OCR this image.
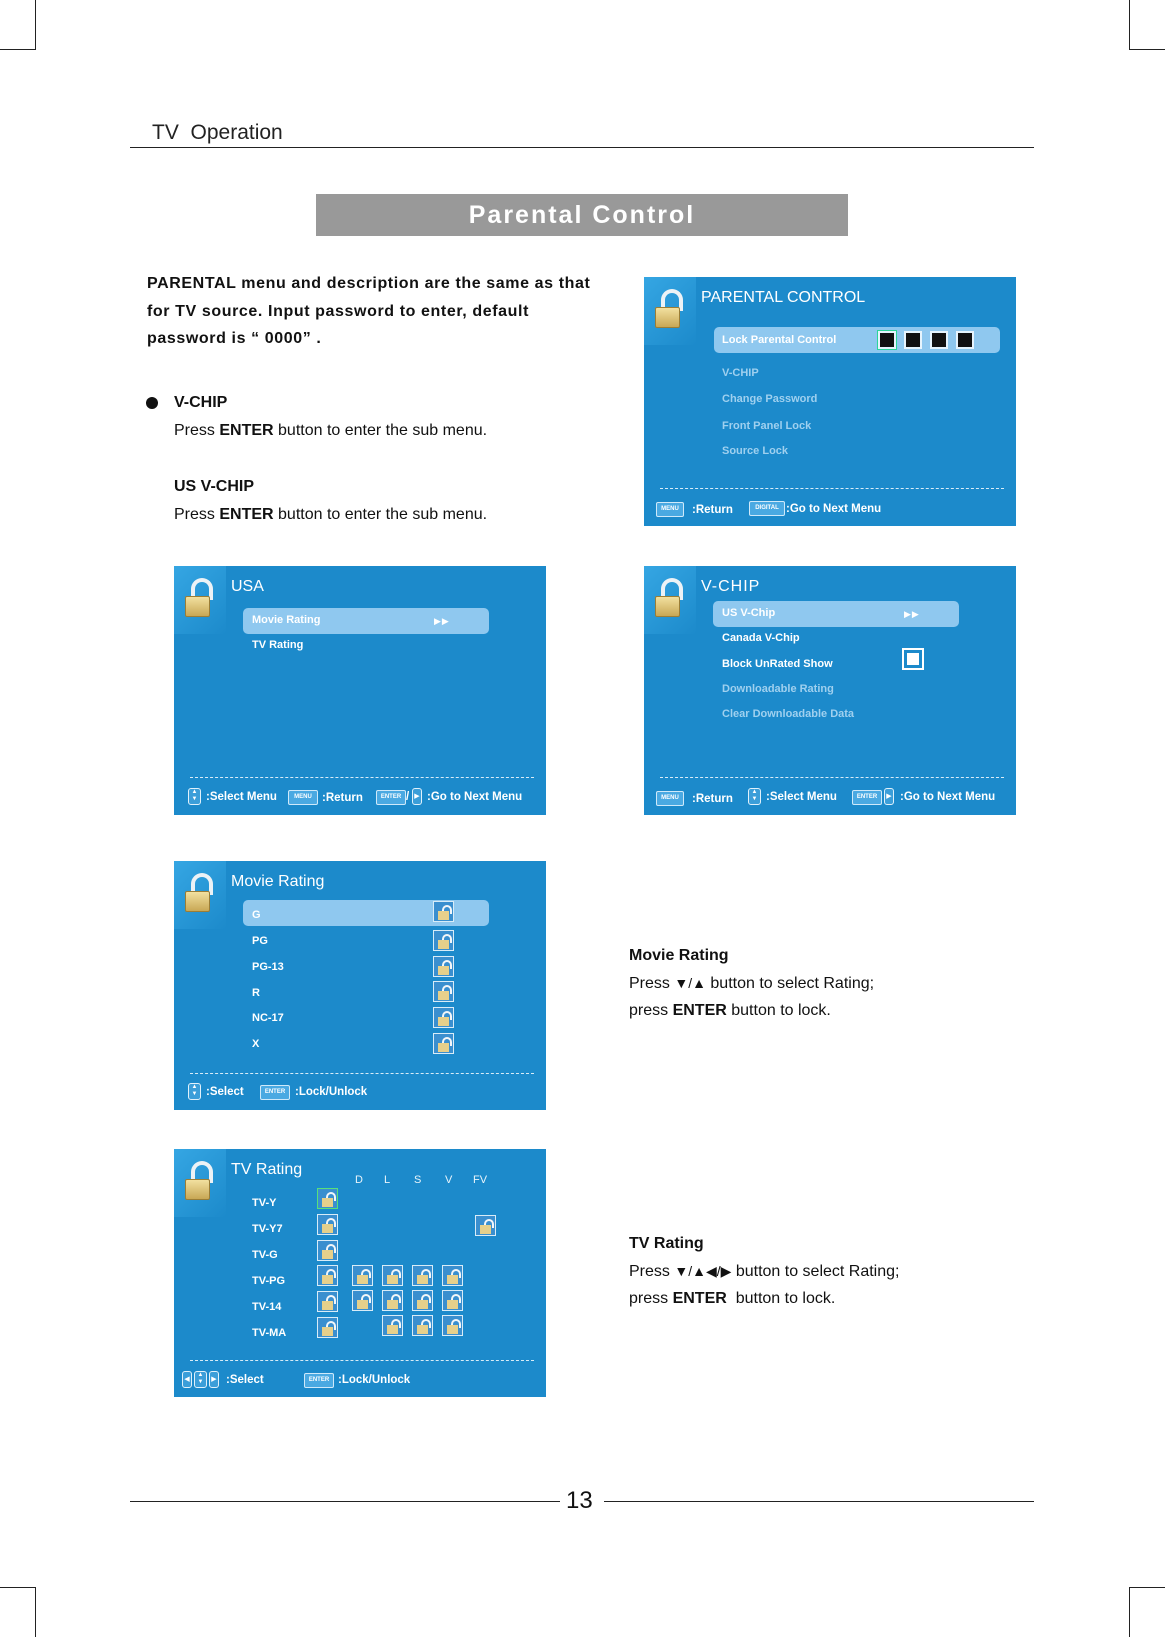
TV  Operation
Parental Control
PARENTAL menu and description are the same as that for TV source. Input password to enter, default password is “ 0000” .
V-CHIP
Press ENTER button to enter the sub menu.
US V-CHIP
Press ENTER button to enter the sub menu.
Movie Rating
Press ▼/▲ button to select Rating;
press ENTER button to lock.
TV Rating
Press ▼/▲◀/▶ button to select Rating;
press ENTER  button to lock.
PARENTAL CONTROL
Lock Parental Control
V-CHIP
Change Password
Front Panel Lock
Source Lock
MENU	:Return	DIGITAL :Go to Next Menu
USA
Movie Rating	▶▶
TV Rating
▲
▼ :Select Menu	MENU :Return	ENTER / ▶ :Go to Next Menu
V-CHIP
US V-Chip	▶▶
Canada V-Chip
Block UnRated Show
Downloadable Rating
Clear Downloadable Data
MENU	:Return
▲
▼ :Select Menu	ENTER	▶ :Go to Next Menu
Movie Rating
G
PG
PG-13
R
NC-17
X
▲
▼ :Select	ENTER :Lock/Unlock
TV Rating
D L S V FV
TV-Y
TV-Y7
TV-G
TV-PG
TV-14
TV-MA
◀
▲
▼	▶ :Select	ENTER :Lock/Unlock
13
